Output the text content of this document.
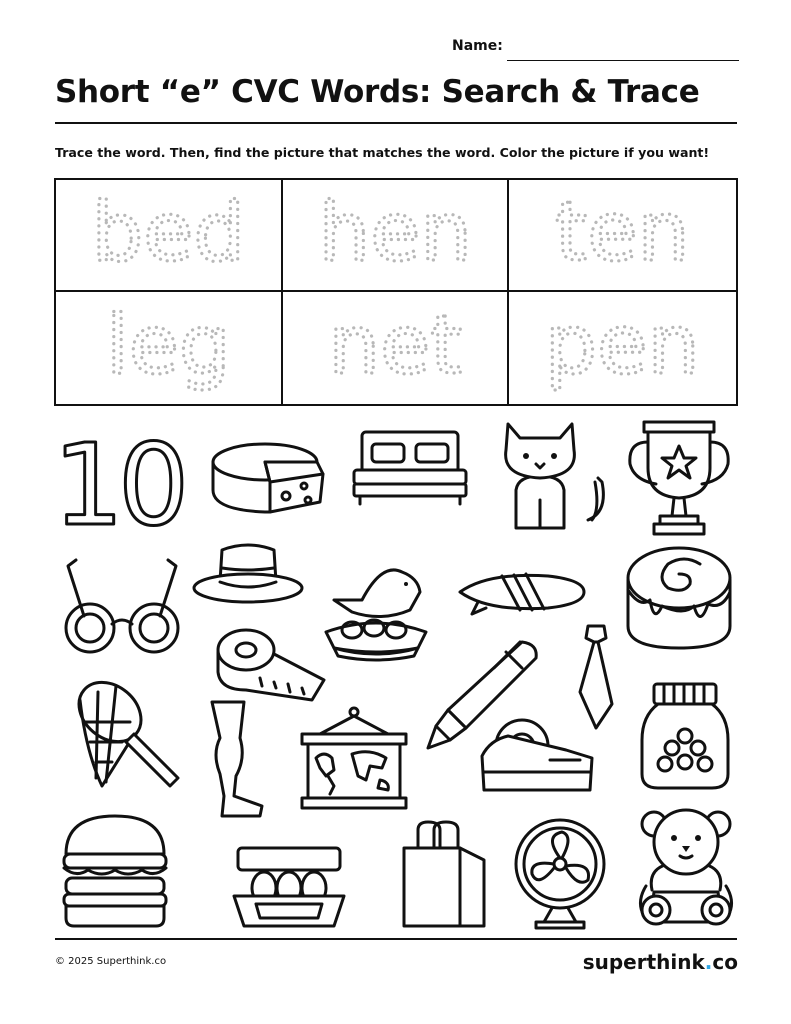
Name:
Short “e” CVC Words: Search & Trace
Trace the word. Then, find the picture that matches the word. Color the picture if you want!
bed hen ten
leg net pen
10
© 2025 Superthink.co	superthink.co
